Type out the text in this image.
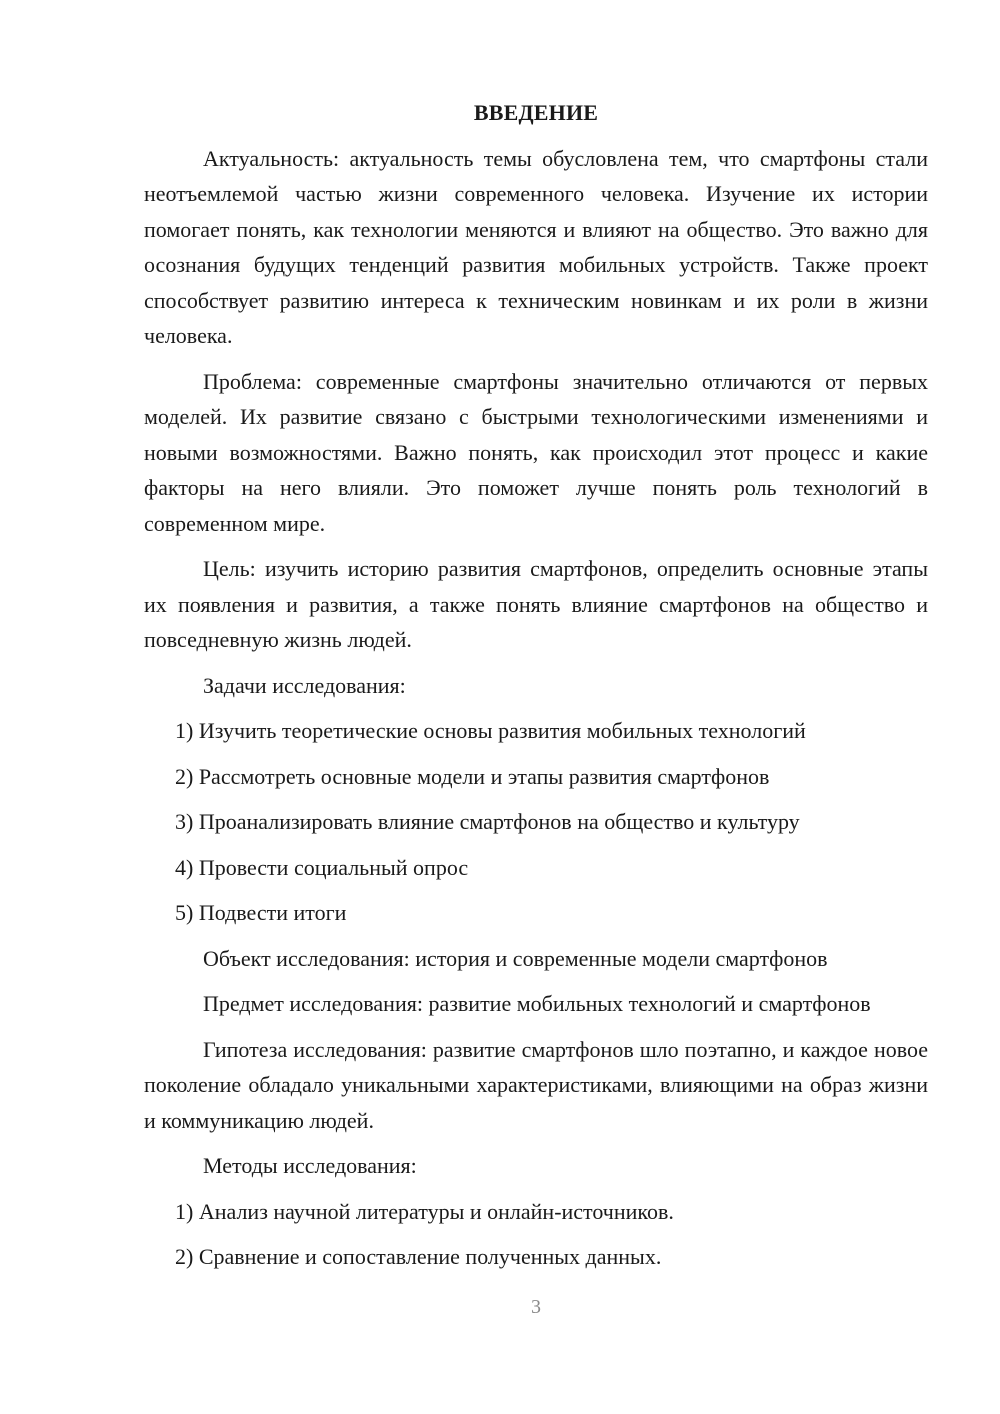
ВВЕДЕНИЕ

Актуальность: актуальность темы обусловлена тем, что смартфоны стали неотъемлемой частью жизни современного человека. Изучение их истории помогает понять, как технологии меняются и влияют на общество. Это важно для осознания будущих тенденций развития мобильных устройств. Также проект способствует развитию интереса к техническим новинкам и их роли в жизни человека.

Проблема: современные смартфоны значительно отличаются от первых моделей. Их развитие связано с быстрыми технологическими изменениями и новыми возможностями. Важно понять, как происходил этот процесс и какие факторы на него влияли. Это поможет лучше понять роль технологий в современном мире.

Цель: изучить историю развития смартфонов, определить основные этапы их появления и развития, а также понять влияние смартфонов на общество и повседневную жизнь людей.

Задачи исследования:

1) Изучить теоретические основы развития мобильных технологий

2) Рассмотреть основные модели и этапы развития смартфонов

3) Проанализировать влияние смартфонов на общество и культуру

4) Провести социальный опрос

5) Подвести итоги

Объект исследования: история и современные модели смартфонов

Предмет исследования: развитие мобильных технологий и смартфонов

Гипотеза исследования: развитие смартфонов шло поэтапно, и каждое новое поколение обладало уникальными характеристиками, влияющими на образ жизни и коммуникацию людей.

Методы исследования:

1) Анализ научной литературы и онлайн-источников.

2) Сравнение и сопоставление полученных данных.

3
